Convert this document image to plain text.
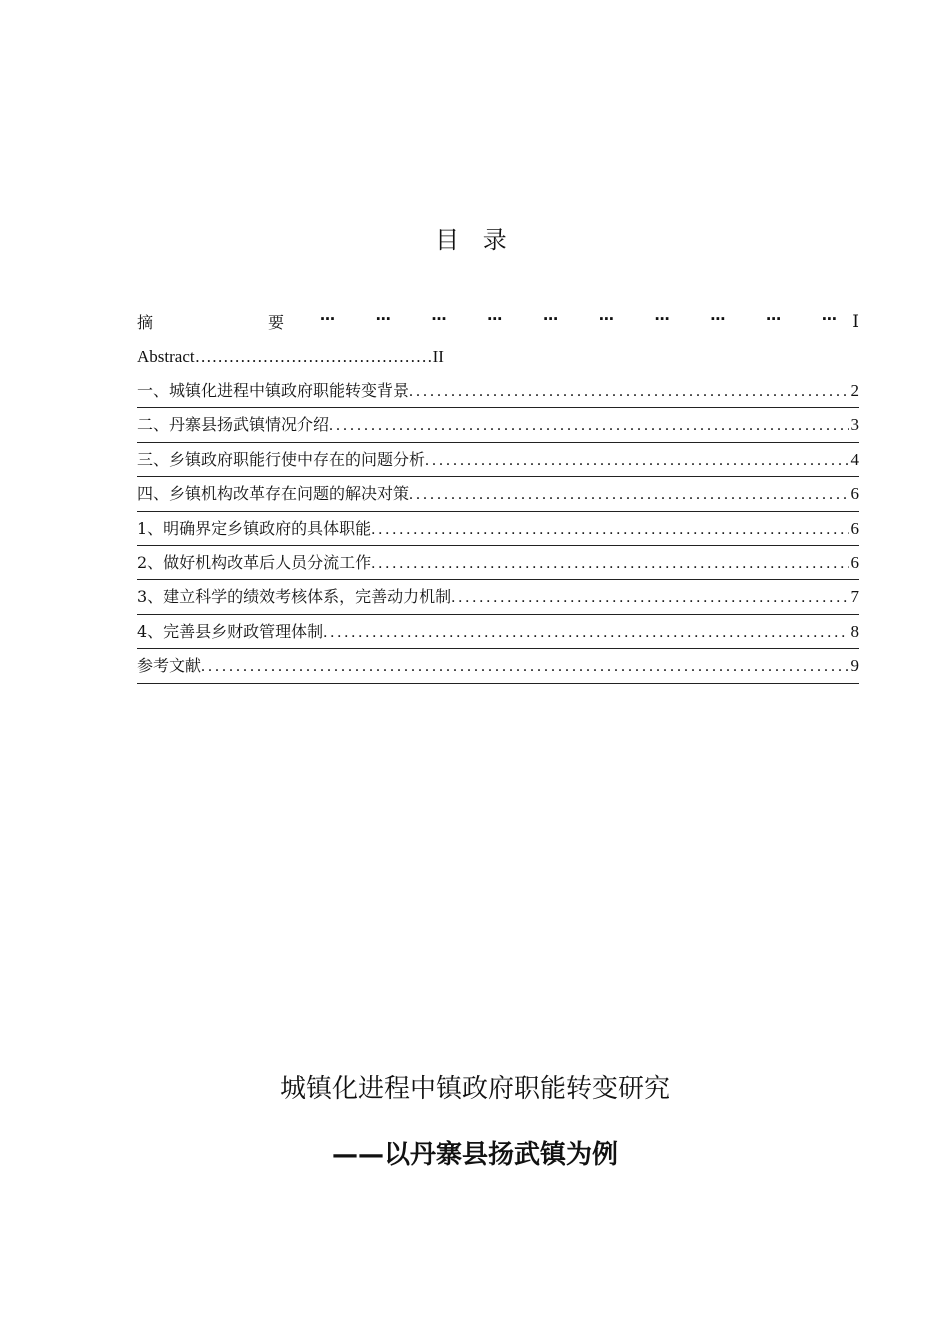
目 录
摘	要 …	…	…	…	…	…	…	…	…	… I
Abstract……………………………………II
一、城镇化进程中镇政府职能转变背景 .....	2
二、丹寨县扬武镇情况介绍 .....	3
三、乡镇政府职能行使中存在的问题分析 .....	4
四、乡镇机构改革存在问题的解决对策 .....	6
1、明确界定乡镇政府的具体职能 .....	6
2、做好机构改革后人员分流工作 .....	6
3、建立科学的绩效考核体系，完善动力机制 .....	7
4、完善县乡财政管理体制 .....	8
参考文献 .....	9
城镇化进程中镇政府职能转变研究
——以丹寨县扬武镇为例
